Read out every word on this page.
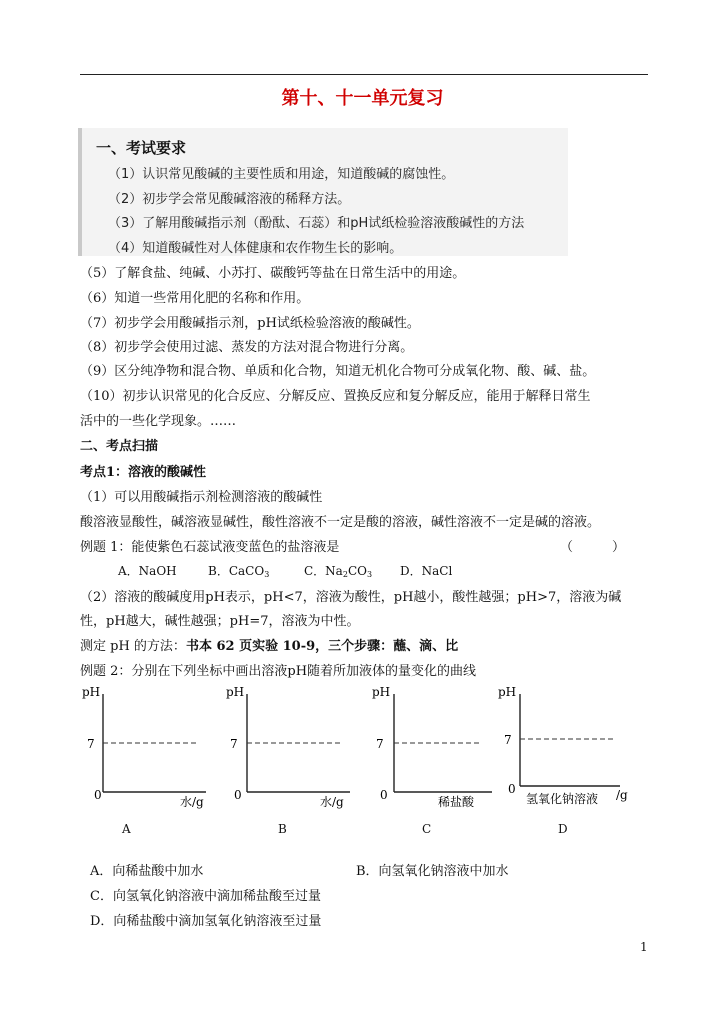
第十、十一单元复习
一、考试要求
（1）认识常见酸碱的主要性质和用途，知道酸碱的腐蚀性。
（2）初步学会常见酸碱溶液的稀释方法。
（3）了解用酸碱指示剂（酚酞、石蕊）和pH试纸检验溶液酸碱性的方法
（4）知道酸碱性对人体健康和农作物生长的影响。
（5）了解食盐、纯碱、小苏打、碳酸钙等盐在日常生活中的用途。
（6）知道一些常用化肥的名称和作用。
（7）初步学会用酸碱指示剂，pH试纸检验溶液的酸碱性。
（8）初步学会使用过滤、蒸发的方法对混合物进行分离。
（9）区分纯净物和混合物、单质和化合物，知道无机化合物可分成氧化物、酸、碱、盐。
（10）初步认识常见的化合反应、分解反应、置换反应和复分解反应，能用于解释日常生
活中的一些化学现象。……
二、考点扫描
考点1：溶液的酸碱性
（1）可以用酸碱指示剂检测溶液的酸碱性
酸溶液显酸性，碱溶液显碱性，酸性溶液不一定是酸的溶液，碱性溶液不一定是碱的溶液。
例题 1：能使紫色石蕊试液变蓝色的盐溶液是	（　　　）
A．NaOH	B．CaCO$_3$	C．$Na_2CO_3$ D．NaCl
（2）溶液的酸碱度用pH表示，pH<7，溶液为酸性，pH越小，酸性越强；pH>7，溶液为碱
性，pH越大，碱性越强；pH=7，溶液为中性。
测定 pH 的方法：书本 62 页实验 10-9，三个步骤：蘸、滴、比
例题 2：分别在下列坐标中画出溶液pH随着所加液体的量变化的曲线
pH
7
0	水/g
pH
7
0	水/g
pH
7
0	稀盐酸
pH
7
0
氢氧化钠溶液 /g
A	B	C	D
A．向稀盐酸中加水	B．向氢氧化钠溶液中加水
C．向氢氧化钠溶液中滴加稀盐酸至过量
D．向稀盐酸中滴加氢氧化钠溶液至过量
1
